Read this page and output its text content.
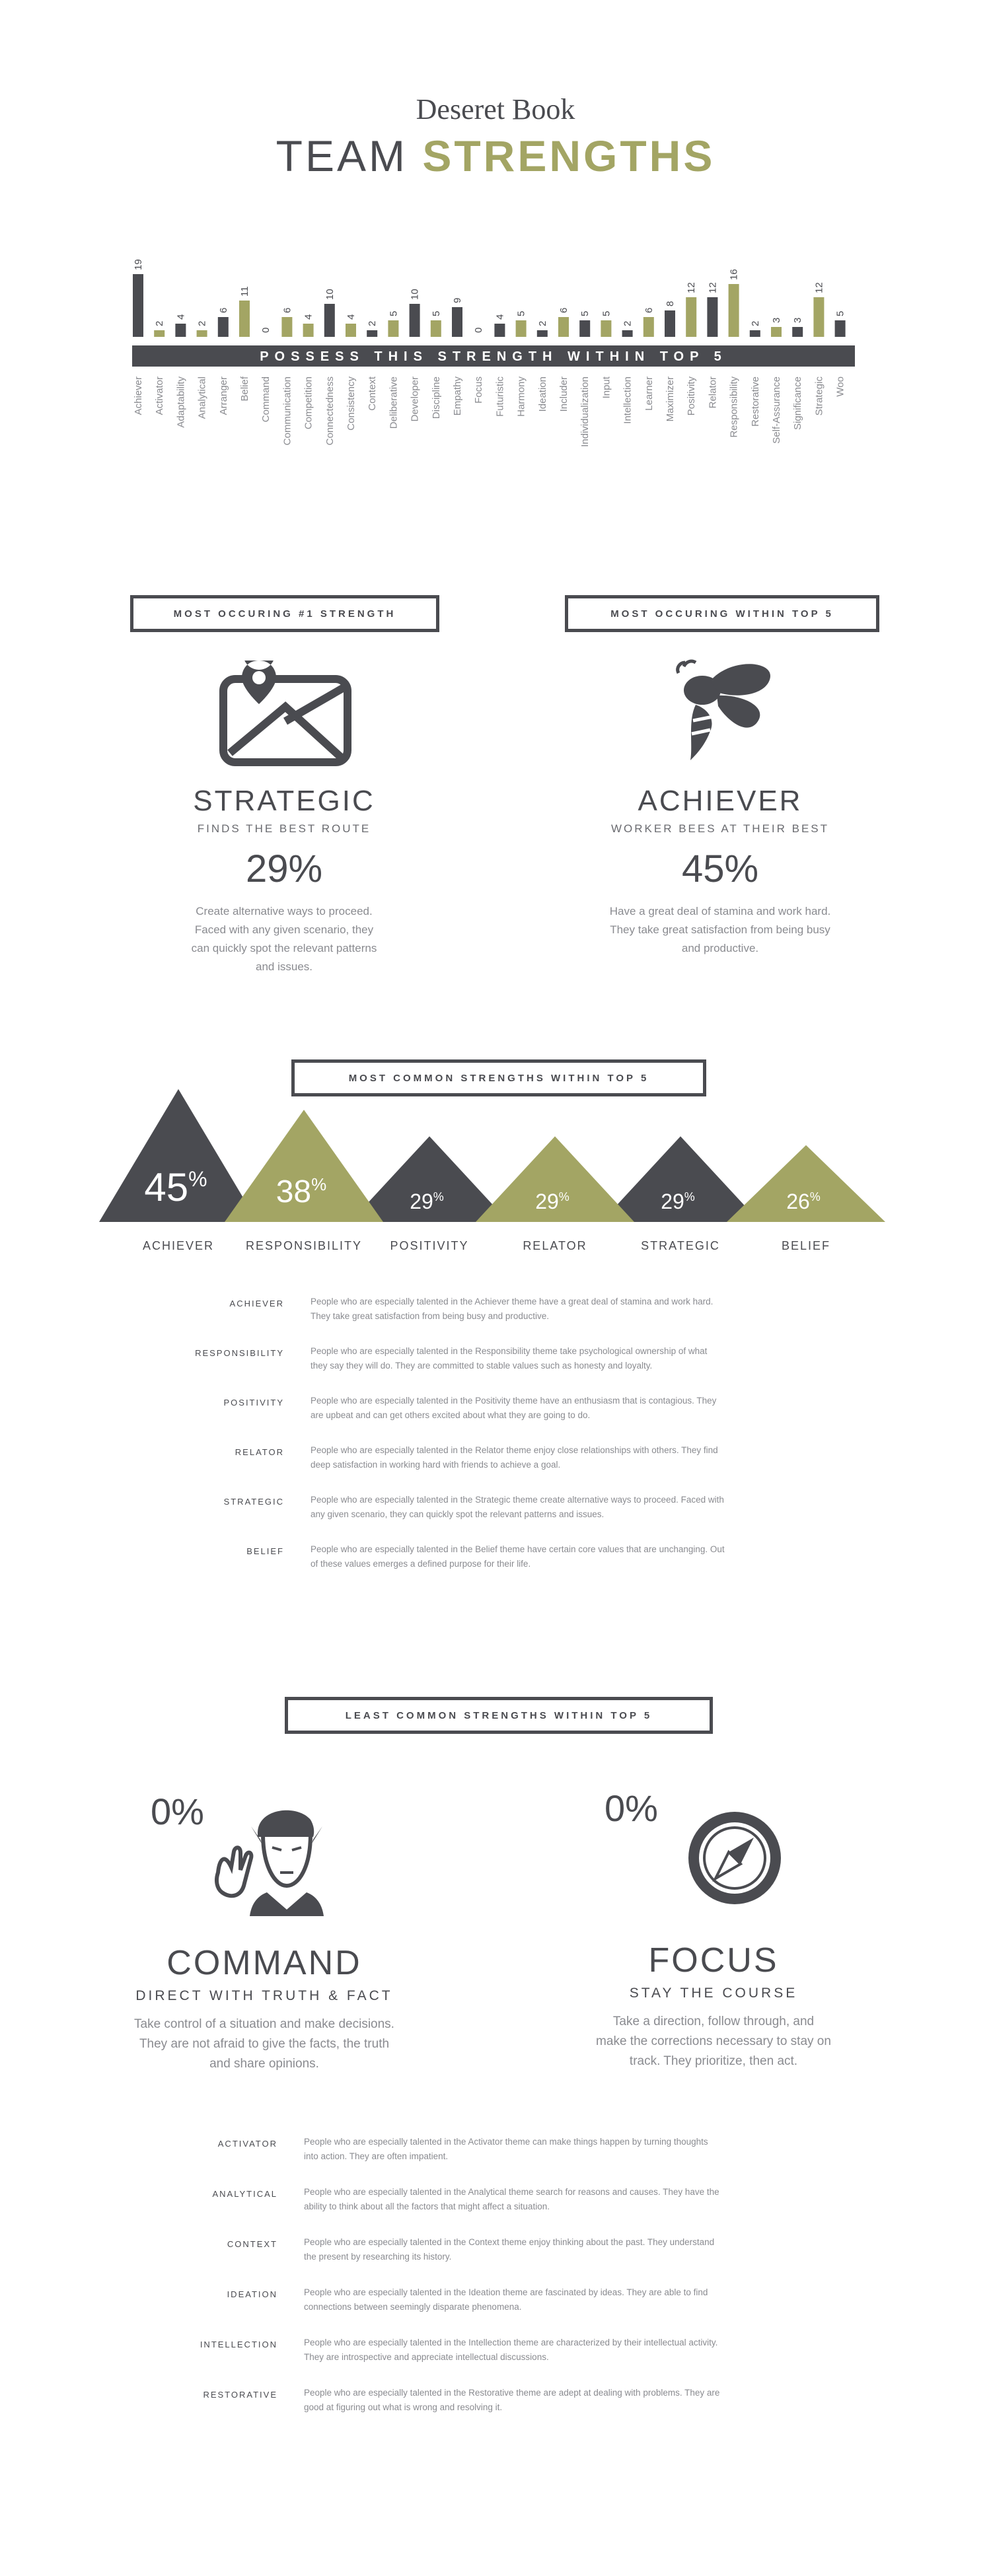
Deseret Book
TEAM STRENGTHS
19
2
4
2
6
11
0
6
4
10
4
2
5
10
5
9
0
4
5
2
6
5 5
2
6
8
12 12
16
2
3 3
12
5
POSSESS THIS STRENGTH WITHIN TOP 5
Achiever Activator Adaptability Analytical Arranger Belief Command Communication Competition Connectedness Consistency Context Deliberative Developer Discipline Empathy Focus Futuristic Harmony Ideation Includer Individualization Input Intellection Learner Maximizer Positivity Relator Responsibility Restorative Self-Assurance Significance Strategic Woo
MOST OCCURING #1 STRENGTH	MOST OCCURING WITHIN TOP 5
STRATEGIC
FINDS THE BEST ROUTE
29%
Create alternative ways to proceed.
Faced with any given scenario, they
can quickly spot the relevant patterns
and issues.
ACHIEVER
WORKER BEES AT THEIR BEST
45%
Have a great deal of stamina and work hard.
They take great satisfaction from being busy
and productive.
MOST COMMON STRENGTHS WITHIN TOP 5
45% 38%
29%	29%	29%	26%
ACHIEVER	RESPONSIBILITY POSITIVITY	RELATOR	STRATEGIC	BELIEF
ACHIEVER	People who are especially talented in the Achiever theme have a great deal of stamina and work hard.
They take great satisfaction from being busy and productive.
RESPONSIBILITY	People who are especially talented in the Responsibility theme take psychological ownership of what
they say they will do. They are committed to stable values such as honesty and loyalty.
POSITIVITY	People who are especially talented in the Positivity theme have an enthusiasm that is contagious. They
are upbeat and can get others excited about what they are going to do.
RELATOR	People who are especially talented in the Relator theme enjoy close relationships with others. They find
deep satisfaction in working hard with friends to achieve a goal.
STRATEGIC	People who are especially talented in the Strategic theme create alternative ways to proceed. Faced with
any given scenario, they can quickly spot the relevant patterns and issues.
BELIEF	People who are especially talented in the Belief theme have certain core values that are unchanging. Out
of these values emerges a defined purpose for their life.
LEAST COMMON STRENGTHS WITHIN TOP 5
0%
COMMAND
DIRECT WITH TRUTH & FACT
Take control of a situation and make decisions.
They are not afraid to give the facts, the truth
and share opinions.
0%
FOCUS
STAY THE COURSE
Take a direction, follow through, and
make the corrections necessary to stay on
track. They prioritize, then act.
ACTIVATOR	People who are especially talented in the Activator theme can make things happen by turning thoughts
into action. They are often impatient.
ANALYTICAL	People who are especially talented in the Analytical theme search for reasons and causes. They have the
ability to think about all the factors that might affect a situation.
CONTEXT	People who are especially talented in the Context theme enjoy thinking about the past. They understand
the present by researching its history.
IDEATION	People who are especially talented in the Ideation theme are fascinated by ideas. They are able to find
connections between seemingly disparate phenomena.
INTELLECTION	People who are especially talented in the Intellection theme are characterized by their intellectual activity.
They are introspective and appreciate intellectual discussions.
RESTORATIVE	People who are especially talented in the Restorative theme are adept at dealing with problems. They are
good at figuring out what is wrong and resolving it.
